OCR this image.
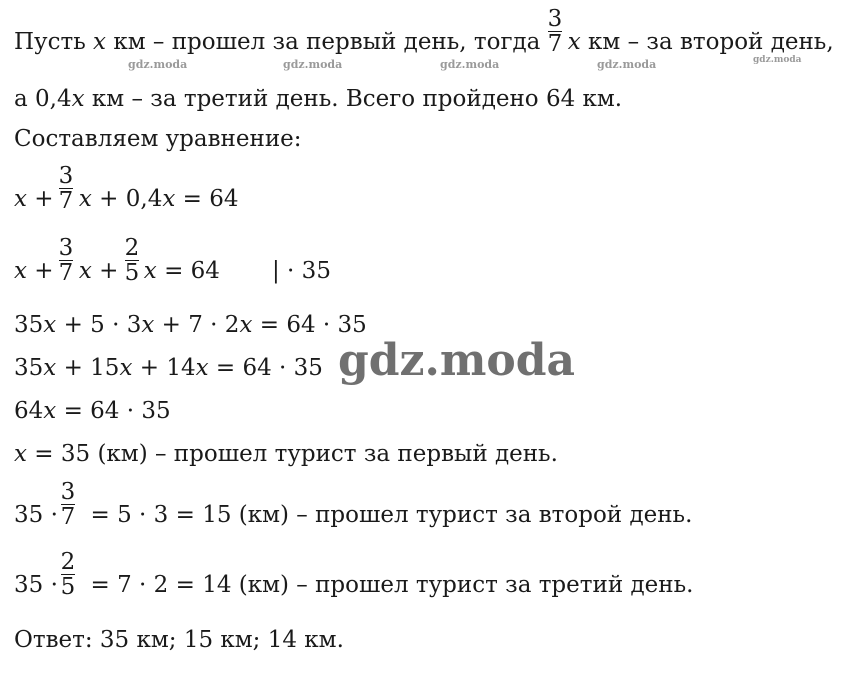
Пусть x км – прошел за первый день, тогда x км – за второй день,
3
7
gdz.moda	gdz.moda	gdz.moda	gdz.moda	gdz.moda
а 0,4x км – за третий день. Всего пройдено 64 км.
Составляем уравнение:
x + x + 0,4x = 64
3
7
x + x + x = 64
3
7
2
5	| · 35
35x + 5 · 3x + 7 · 2x = 64 · 35
35x + 15x + 14x = 64 · 35 gdz.moda
64x = 64 · 35
x = 35 (км) – прошел турист за первый день.
35 ·  = 5 · 3 = 15 (км) – прошел турист за второй день.
3
7
35 ·  = 7 · 2 = 14 (км) – прошел турист за третий день.
2
5
Ответ: 35 км; 15 км; 14 км.
